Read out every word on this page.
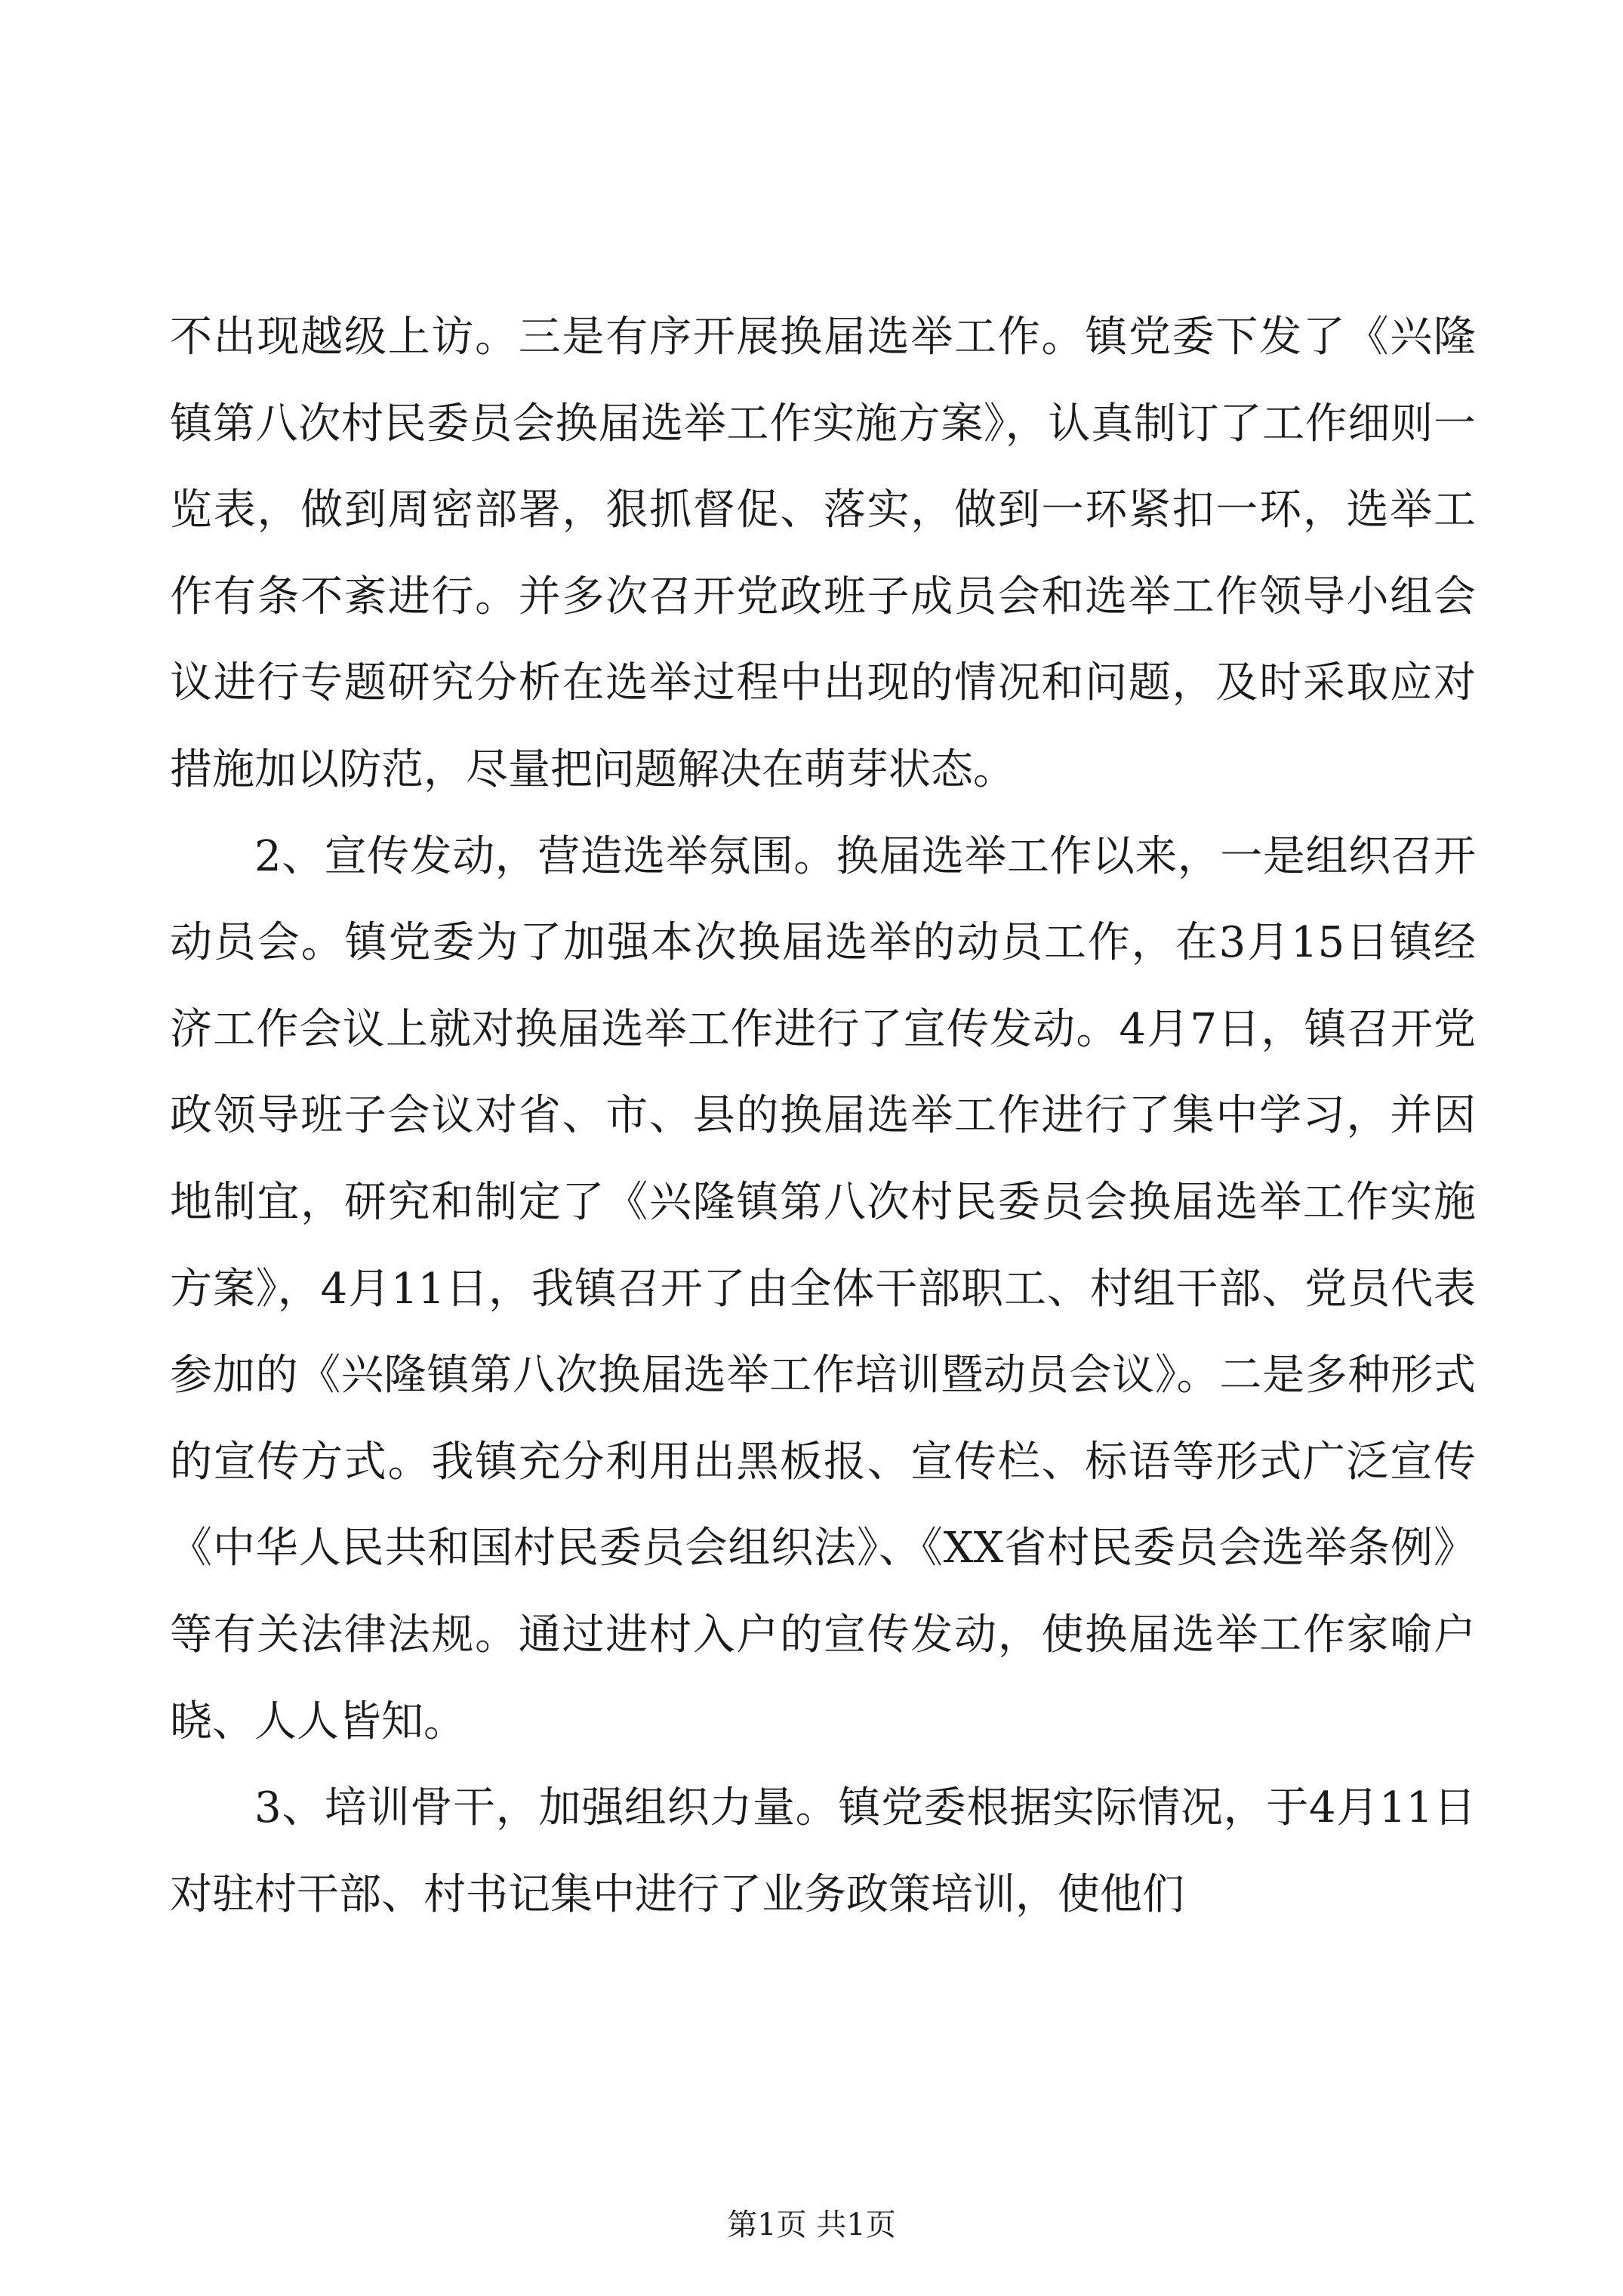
不出现越级上访。三是有序开展换届选举工作。镇党委下发了《兴隆镇第八次村民委员会换届选举工作实施方案》，认真制订了工作细则一览表，做到周密部署，狠抓督促、落实，做到一环紧扣一环，选举工作有条不紊进行。并多次召开党政班子成员会和选举工作领导小组会议进行专题研究分析在选举过程中出现的情况和问题，及时采取应对措施加以防范，尽量把问题解决在萌芽状态。

2、宣传发动，营造选举氛围。换届选举工作以来，一是组织召开动员会。镇党委为了加强本次换届选举的动员工作，在3月15日镇经济工作会议上就对换届选举工作进行了宣传发动。4月7日，镇召开党政领导班子会议对省、市、县的换届选举工作进行了集中学习，并因地制宜，研究和制定了《兴隆镇第八次村民委员会换届选举工作实施方案》，4月11日，我镇召开了由全体干部职工、村组干部、党员代表参加的《兴隆镇第八次换届选举工作培训暨动员会议》。二是多种形式的宣传方式。我镇充分利用出黑板报、宣传栏、标语等形式广泛宣传《中华人民共和国村民委员会组织法》、《XX省村民委员会选举条例》等有关法律法规。通过进村入户的宣传发动，使换届选举工作家喻户晓、人人皆知。

3、培训骨干，加强组织力量。镇党委根据实际情况，于4月11日对驻村干部、村书记集中进行了业务政策培训，使他们

第1页 共1页
